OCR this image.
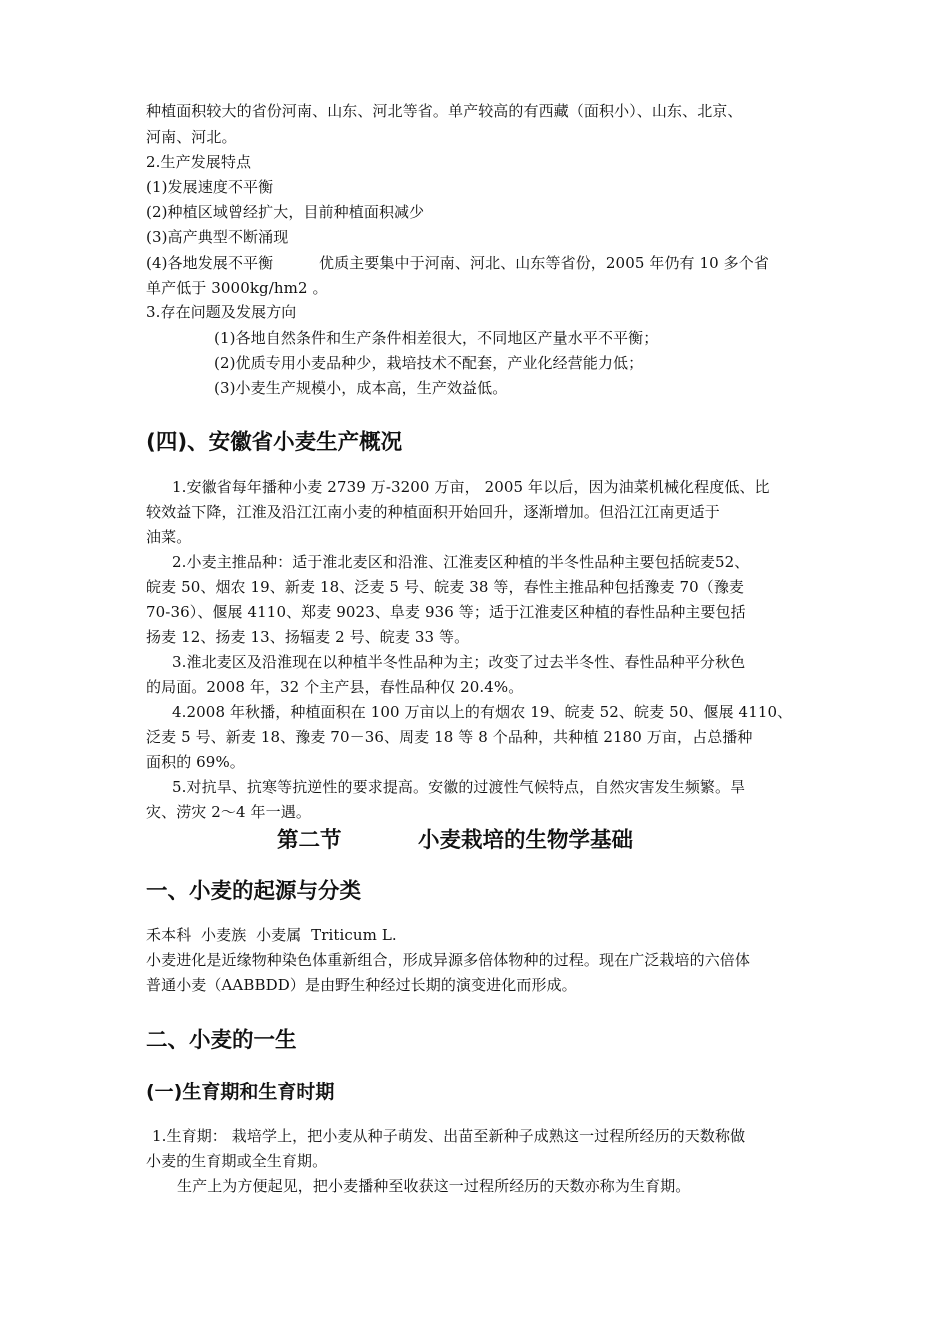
种植面积较大的省份河南、山东、河北等省。单产较高的有西藏（面积小）、山东、北京、
河南、河北。
2.生产发展特点
(1)发展速度不平衡
(2)种植区域曾经扩大，目前种植面积减少
(3)高产典型不断涌现
(4)各地发展不平衡	优质主要集中于河南、河北、山东等省份，2005 年仍有 10 多个省
单产低于 3000kg/hm2 。
3.存在问题及发展方向
(1)各地自然条件和生产条件相差很大，不同地区产量水平不平衡；
(2)优质专用小麦品种少，栽培技术不配套，产业化经营能力低；
(3)小麦生产规模小，成本高，生产效益低。
(四)、安徽省小麦生产概况
1.安徽省每年播种小麦 2739 万-3200 万亩， 2005 年以后，因为油菜机械化程度低、比
较效益下降，江淮及沿江江南小麦的种植面积开始回升，逐渐增加。但沿江江南更适于
油菜。
2.小麦主推品种：适于淮北麦区和沿淮、江淮麦区种植的半冬性品种主要包括皖麦52、
皖麦 50、烟农 19、新麦 18、泛麦 5 号、皖麦 38 等，春性主推品种包括豫麦 70（豫麦
70-36）、偃展 4110、郑麦 9023、阜麦 936 等；适于江淮麦区种植的春性品种主要包括
扬麦 12、扬麦 13、扬辐麦 2 号、皖麦 33 等。
3.淮北麦区及沿淮现在以种植半冬性品种为主；改变了过去半冬性、春性品种平分秋色
的局面。2008 年，32 个主产县，春性品种仅 20.4%。
4.2008 年秋播，种植面积在 100 万亩以上的有烟农 19、皖麦 52、皖麦 50、偃展 4110、
泛麦 5 号、新麦 18、豫麦 70－36、周麦 18 等 8 个品种，共种植 2180 万亩，占总播种
面积的 69%。
5.对抗旱、抗寒等抗逆性的要求提高。安徽的过渡性气候特点，自然灾害发生频繁。旱
灾、涝灾 2～4 年一遇。
第二节	小麦栽培的生物学基础
一、小麦的起源与分类
禾本科  小麦族  小麦属  Triticum L.
小麦进化是近缘物种染色体重新组合，形成异源多倍体物种的过程。现在广泛栽培的六倍体
普通小麦（AABBDD）是由野生种经过长期的演变进化而形成。
二、小麦的一生
(一)生育期和生育时期
1.生育期： 栽培学上，把小麦从种子萌发、出苗至新种子成熟这一过程所经历的天数称做
小麦的生育期或全生育期。
生产上为方便起见，把小麦播种至收获这一过程所经历的天数亦称为生育期。
